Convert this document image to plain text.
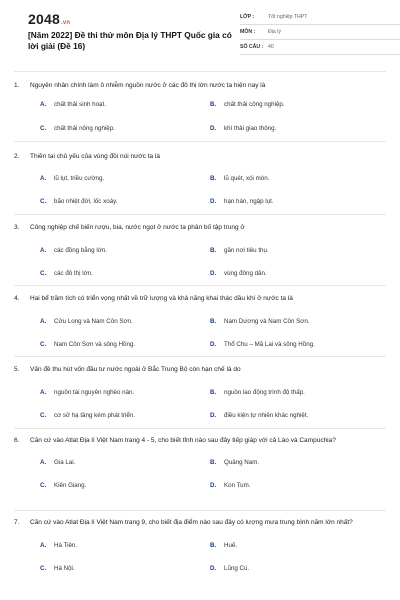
2048.vn
[Năm 2022] Đề thi thử môn Địa lý THPT Quốc gia có lời giải (Đề 16)
LỚP :	Tốt nghiệp THPT
MÔN :	Địa lý
SỐ CÂU : 40
1.	Nguyên nhân chính làm ô nhiễm nguồn nước ở các đô thị lớn nước ta hiện nay là
A.	chất thải sinh hoạt.	B.	chất thải công nghiệp.
C.	chất thải nông nghiệp.	D.	khí thải giao thông.
2.	Thiên tai chủ yếu của vùng đồi núi nước ta là
A.	lũ lụt, triều cường.	B.	lũ quét, xói mòn.
C.	bão nhiệt đới, lốc xoáy.	D.	hạn hán, ngập lụt.
3.	Công nghiệp chế biến rượu, bia, nước ngọt ở nước ta phân bố tập trung ở
A.	các đồng bằng lớn.	B.	gần nơi tiêu thụ.
C.	các đô thị lớn.	D.	vùng đông dân.
4.	Hai bể trầm tích có triển vọng nhất về trữ lượng và khả năng khai thác dầu khí ở nước ta là
A.	Cửu Long và Nam Côn Sơn.	B.	Nam Dương và Nam Côn Sơn.
C.	Nam Côn Sơn và sông Hồng.	D.	Thổ Chu – Mã Lai và sông Hồng.
5.	Vấn đề thu hút vốn đầu tư nước ngoài ở Bắc Trung Bộ còn hạn chế là do
A.	nguồn tài nguyên nghèo nàn.	B.	nguồn lao động trình độ thấp.
C.	cơ sở hạ tầng kém phát triển.	D.	điều kiện tự nhiên khác nghiệt.
6.	Căn cứ vào Atlat Địa lí Việt Nam trang 4 - 5, cho biết tỉnh nào sau đây tiếp giáp với cả Lào và Campuchia?
A.	Gia Lai.	B.	Quảng Nam.
C.	Kiên Giang.	D.	Kon Tum.
7.	Căn cứ vào Atlat Địa lí Việt Nam trang 9, cho biết địa điểm nào sau đây có lượng mưa trung bình năm lớn nhất?
A.	Hà Tiên.	B.	Huế.
C.	Hà Nội.	D.	Lũng Cú.
